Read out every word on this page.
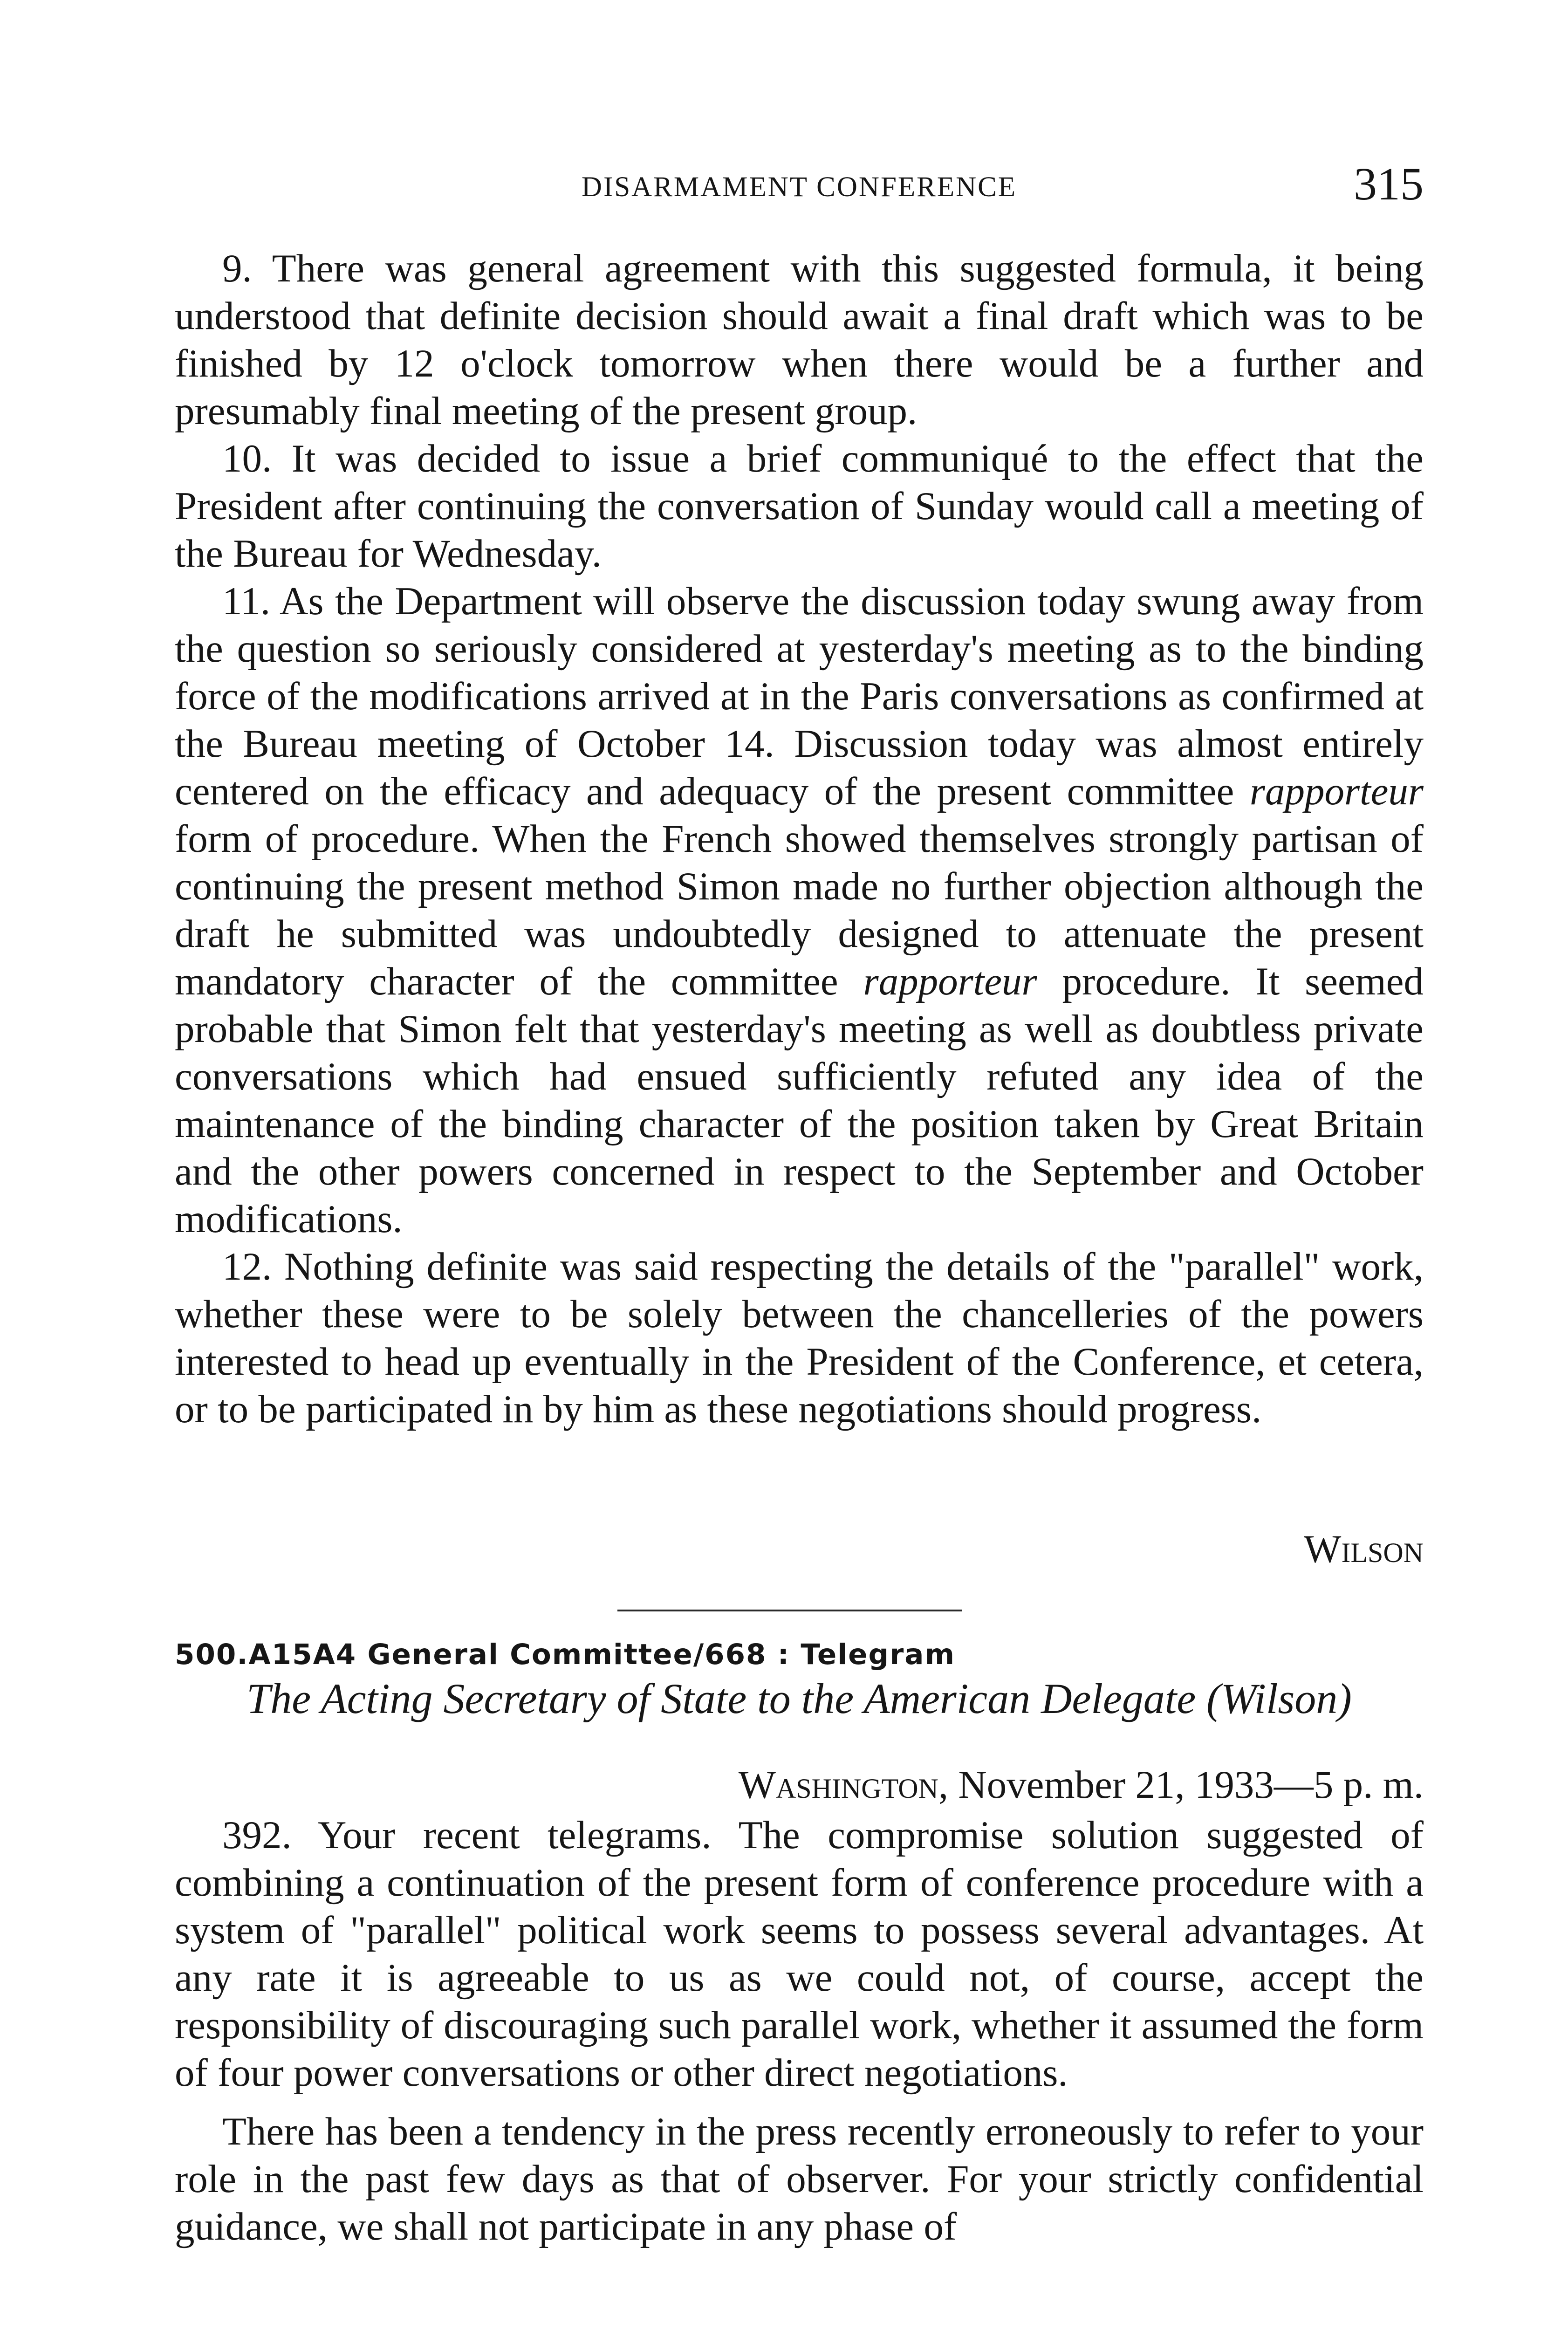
DISARMAMENT CONFERENCE	315

9. There was general agreement with this suggested formula, it being understood that definite decision should await a final draft which was to be finished by 12 o'clock tomorrow when there would be a further and presumably final meeting of the present group.

10. It was decided to issue a brief communiqué to the effect that the President after continuing the conversation of Sunday would call a meeting of the Bureau for Wednesday.

11. As the Department will observe the discussion today swung away from the question so seriously considered at yesterday's meeting as to the binding force of the modifications arrived at in the Paris conversations as confirmed at the Bureau meeting of October 14. Discussion today was almost entirely centered on the efficacy and adequacy of the present committee rapporteur form of procedure. When the French showed themselves strongly partisan of continuing the present method Simon made no further objection although the draft he submitted was undoubtedly designed to attenuate the present mandatory character of the committee rapporteur procedure. It seemed probable that Simon felt that yesterday's meeting as well as doubtless private conversations which had ensued sufficiently refuted any idea of the maintenance of the binding character of the position taken by Great Britain and the other powers concerned in respect to the September and October modifications.

12. Nothing definite was said respecting the details of the "parallel" work, whether these were to be solely between the chancelleries of the powers interested to head up eventually in the President of the Conference, et cetera, or to be participated in by him as these negotiations should progress.

Wilson
500.A15A4 General Committee/668 : Telegram
The Acting Secretary of State to the American Delegate (Wilson)
Washington, November 21, 1933—5 p. m.

392. Your recent telegrams. The compromise solution suggested of combining a continuation of the present form of conference procedure with a system of "parallel" political work seems to possess several advantages. At any rate it is agreeable to us as we could not, of course, accept the responsibility of discouraging such parallel work, whether it assumed the form of four power conversations or other direct negotiations.

There has been a tendency in the press recently erroneously to refer to your role in the past few days as that of observer. For your strictly confidential guidance, we shall not participate in any phase of
